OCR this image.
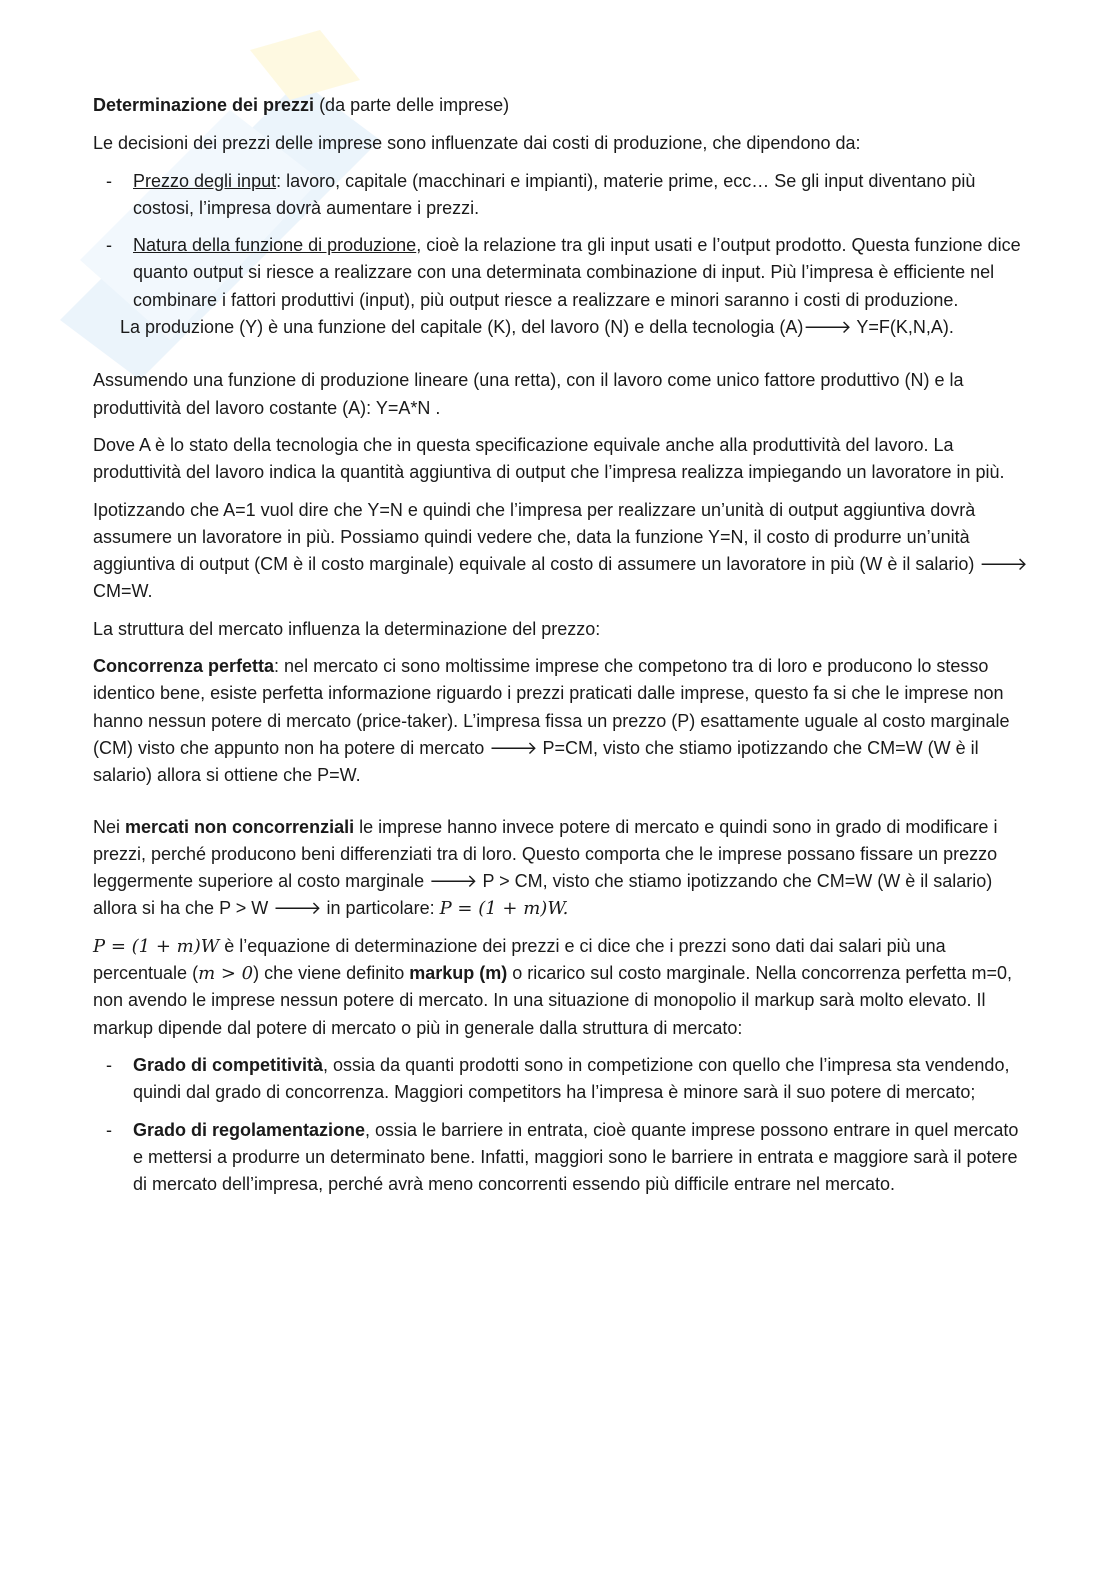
Determinazione dei prezzi (da parte delle imprese)

Le decisioni dei prezzi delle imprese sono influenzate dai costi di produzione, che dipendono da:

- Prezzo degli input: lavoro, capitale (macchinari e impianti), materie prime, ecc… Se gli input diventano più costosi, l’impresa dovrà aumentare i prezzi.
- Natura della funzione di produzione, cioè la relazione tra gli input usati e l’output prodotto. Questa funzione dice quanto output si riesce a realizzare con una determinata combinazione di input. Più l’impresa è efficiente nel combinare i fattori produttivi (input), più output riesce a realizzare e minori saranno i costi di produzione.

La produzione (Y) è una funzione del capitale (K), del lavoro (N) e della tecnologia (A)🡒 Y=F(K,N,A).

Assumendo una funzione di produzione lineare (una retta), con il lavoro come unico fattore produttivo (N) e la produttività del lavoro costante (A): Y=A*N .

Dove A è lo stato della tecnologia che in questa specificazione equivale anche alla produttività del lavoro. La produttività del lavoro indica la quantità aggiuntiva di output che l’impresa realizza impiegando un lavoratore in più.

Ipotizzando che A=1 vuol dire che Y=N e quindi che l’impresa per realizzare un’unità di output aggiuntiva dovrà assumere un lavoratore in più. Possiamo quindi vedere che, data la funzione Y=N, il costo di produrre un’unità aggiuntiva di output (CM è il costo marginale) equivale al costo di assumere un lavoratore in più (W è il salario) 🡒 CM=W.

La struttura del mercato influenza la determinazione del prezzo:

Concorrenza perfetta: nel mercato ci sono moltissime imprese che competono tra di loro e producono lo stesso identico bene, esiste perfetta informazione riguardo i prezzi praticati dalle imprese, questo fa si che le imprese non hanno nessun potere di mercato (price-taker). L’impresa fissa un prezzo (P) esattamente uguale al costo marginale (CM) visto che appunto non ha potere di mercato 🡒 P=CM, visto che stiamo ipotizzando che CM=W (W è il salario) allora si ottiene che P=W.

Nei mercati non concorrenziali le imprese hanno invece potere di mercato e quindi sono in grado di modificare i prezzi, perché producono beni differenziati tra di loro. Questo comporta che le imprese possano fissare un prezzo leggermente superiore al costo marginale 🡒 P > CM, visto che stiamo ipotizzando che CM=W (W è il salario) allora si ha che P > W 🡒 in particolare: P = (1 + m)W.

P = (1 + m)W è l’equazione di determinazione dei prezzi e ci dice che i prezzi sono dati dai salari più una percentuale (m > 0) che viene definito markup (m) o ricarico sul costo marginale. Nella concorrenza perfetta m=0, non avendo le imprese nessun potere di mercato. In una situazione di monopolio il markup sarà molto elevato. Il markup dipende dal potere di mercato o più in generale dalla struttura di mercato:

- Grado di competitività, ossia da quanti prodotti sono in competizione con quello che l’impresa sta vendendo, quindi dal grado di concorrenza. Maggiori competitors ha l’impresa è minore sarà il suo potere di mercato;
- Grado di regolamentazione, ossia le barriere in entrata, cioè quante imprese possono entrare in quel mercato e mettersi a produrre un determinato bene. Infatti, maggiori sono le barriere in entrata e maggiore sarà il potere di mercato dell’impresa, perché avrà meno concorrenti essendo più difficile entrare nel mercato.
